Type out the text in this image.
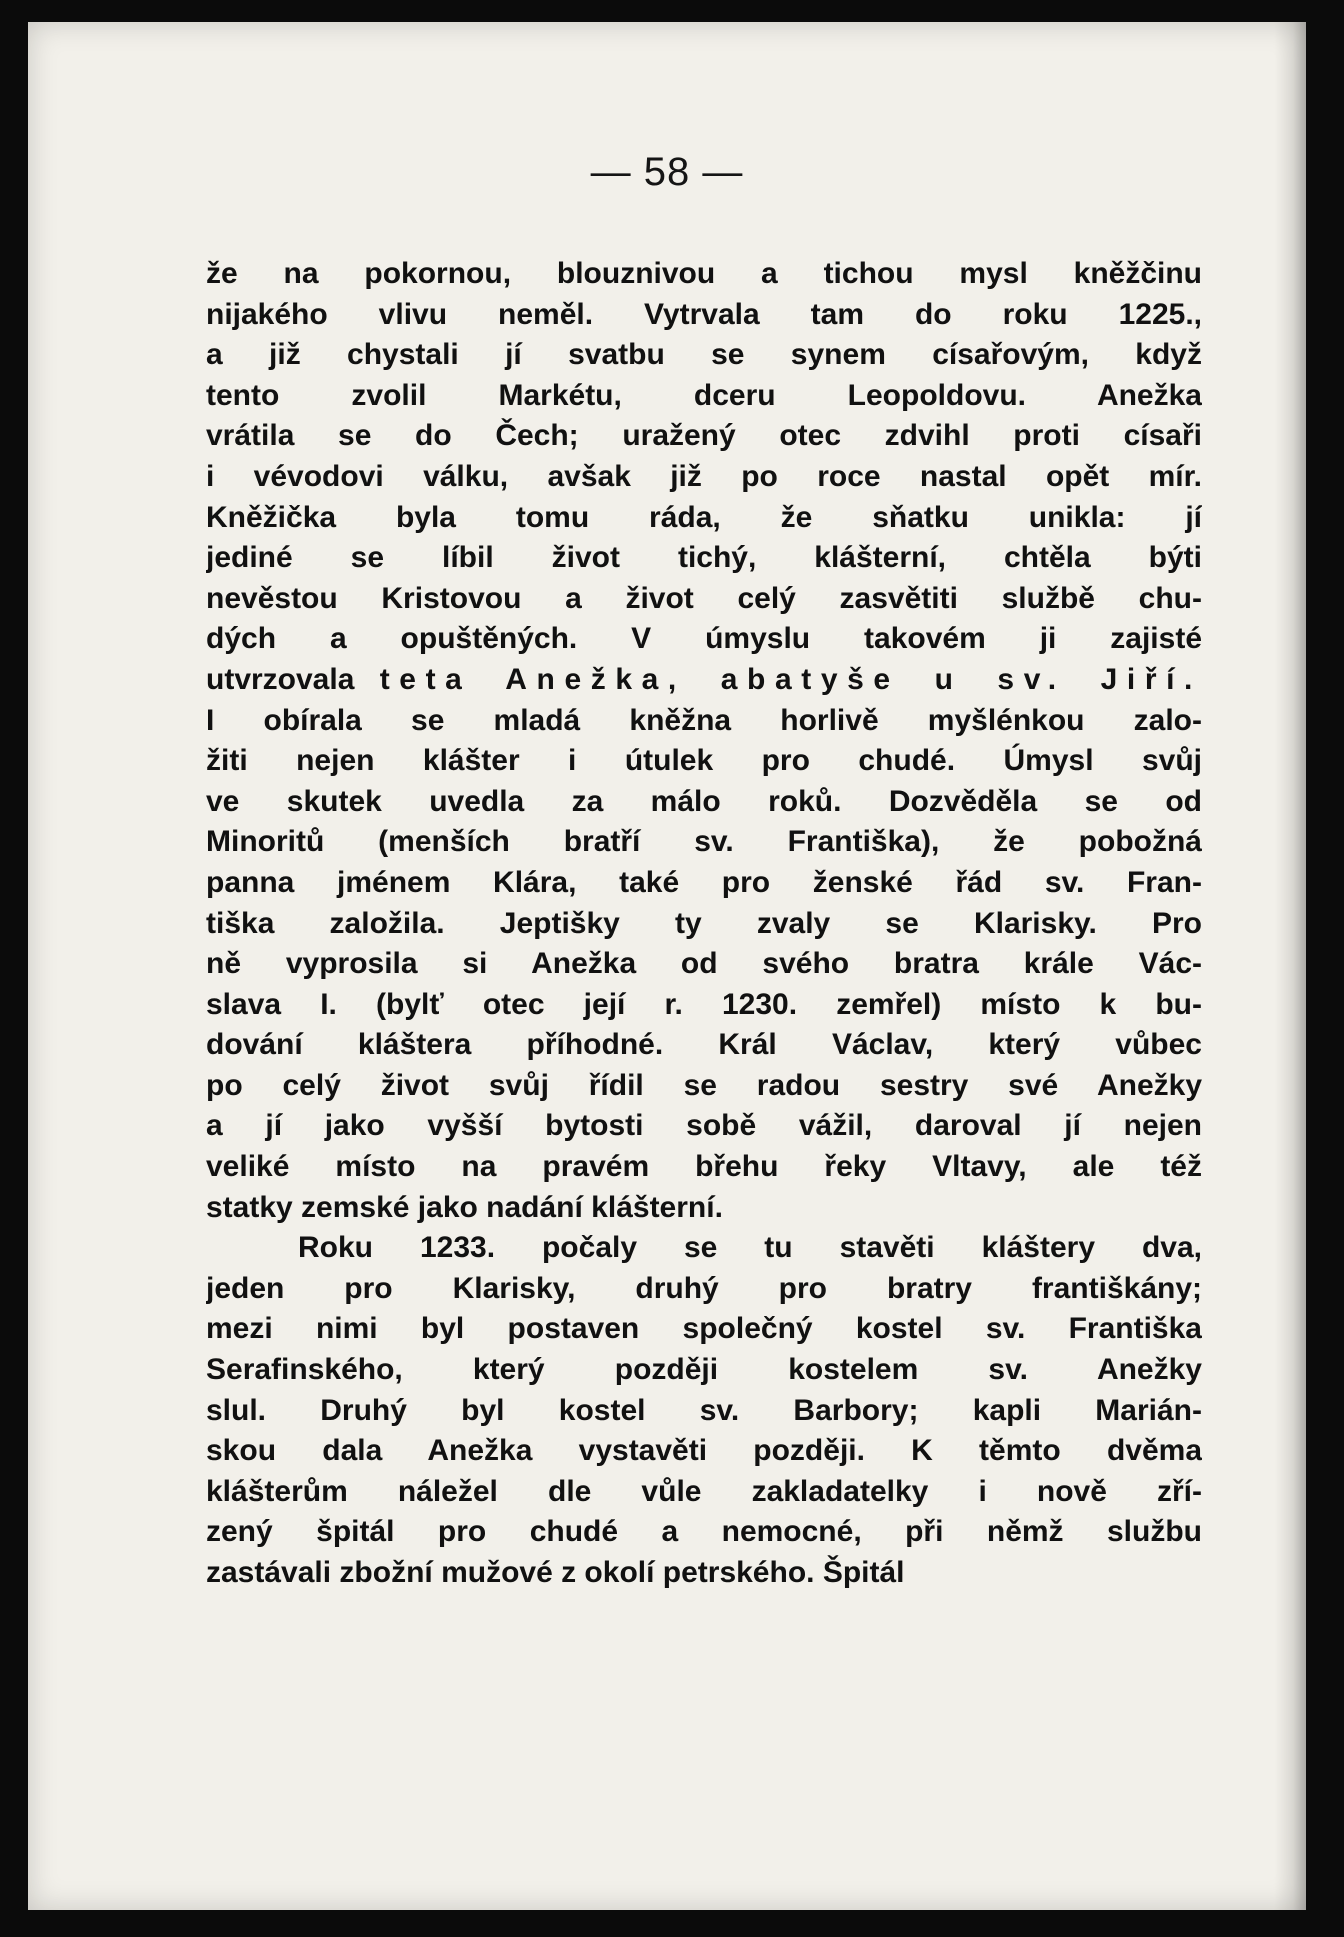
— 58 —
že na pokornou, blouznivou a tichou mysl kněžčinu
nijakého vlivu neměl. Vytrvala tam do roku 1225.,
a již chystali jí svatbu se synem císařovým, když
tento zvolil Markétu, dceru Leopoldovu. Anežka
vrátila se do Čech; uražený otec zdvihl proti císaři
i vévodovi válku, avšak již po roce nastal opět mír.
Kněžička byla tomu ráda, že sňatku unikla: jí
jediné se líbil život tichý, klášterní, chtěla býti
nevěstou Kristovou a život celý zasvětiti službě chu-
dých a opuštěných. V úmyslu takovém ji zajisté
utvrzovala teta Anežka, abatyše u sv. Jiří.
I obírala se mladá kněžna horlivě myšlénkou zalo-
žiti nejen klášter i útulek pro chudé. Úmysl svůj
ve skutek uvedla za málo roků. Dozvěděla se od
Minoritů (menších bratří sv. Františka), že pobožná
panna jménem Klára, také pro ženské řád sv. Fran-
tiška založila. Jeptišky ty zvaly se Klarisky. Pro
ně vyprosila si Anežka od svého bratra krále Vác-
slava I. (bylť otec její r. 1230. zemřel) místo k bu-
dování kláštera příhodné. Král Václav, který vůbec
po celý život svůj řídil se radou sestry své Anežky
a jí jako vyšší bytosti sobě vážil, daroval jí nejen
veliké místo na pravém břehu řeky Vltavy, ale též
statky zemské jako nadání klášterní.
Roku 1233. počaly se tu stavěti kláštery dva,
jeden pro Klarisky, druhý pro bratry františkány;
mezi nimi byl postaven společný kostel sv. Františka
Serafinského, který později kostelem sv. Anežky
slul. Druhý byl kostel sv. Barbory; kapli Marián-
skou dala Anežka vystavěti později. K těmto dvěma
klášterům náležel dle vůle zakladatelky i nově zří-
zený špitál pro chudé a nemocné, při němž službu
zastávali zbožní mužové z okolí petrského. Špitál
